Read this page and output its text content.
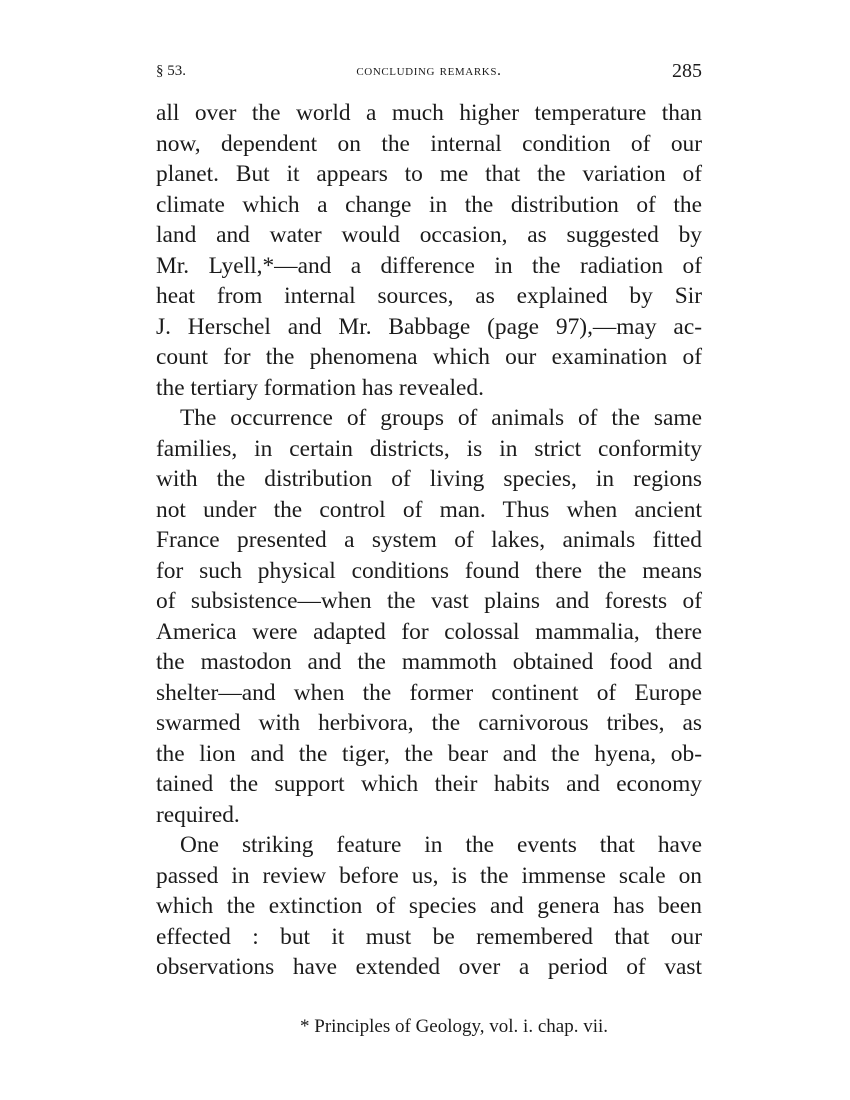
§ 53.	concluding remarks.	285
all over the world a much higher temperature than
now, dependent on the internal condition of our
planet. But it appears to me that the variation of
climate which a change in the distribution of the
land and water would occasion, as suggested by
Mr. Lyell,*—and a difference in the radiation of
heat from internal sources, as explained by Sir
J. Herschel and Mr. Babbage (page 97),—may ac-
count for the phenomena which our examination of
the tertiary formation has revealed.
The occurrence of groups of animals of the same
families, in certain districts, is in strict conformity
with the distribution of living species, in regions
not under the control of man. Thus when ancient
France presented a system of lakes, animals fitted
for such physical conditions found there the means
of subsistence—when the vast plains and forests of
America were adapted for colossal mammalia, there
the mastodon and the mammoth obtained food and
shelter—and when the former continent of Europe
swarmed with herbivora, the carnivorous tribes, as
the lion and the tiger, the bear and the hyena, ob-
tained the support which their habits and economy
required.
One striking feature in the events that have
passed in review before us, is the immense scale on
which the extinction of species and genera has been
effected : but it must be remembered that our
observations have extended over a period of vast
* Principles of Geology, vol. i. chap. vii.
